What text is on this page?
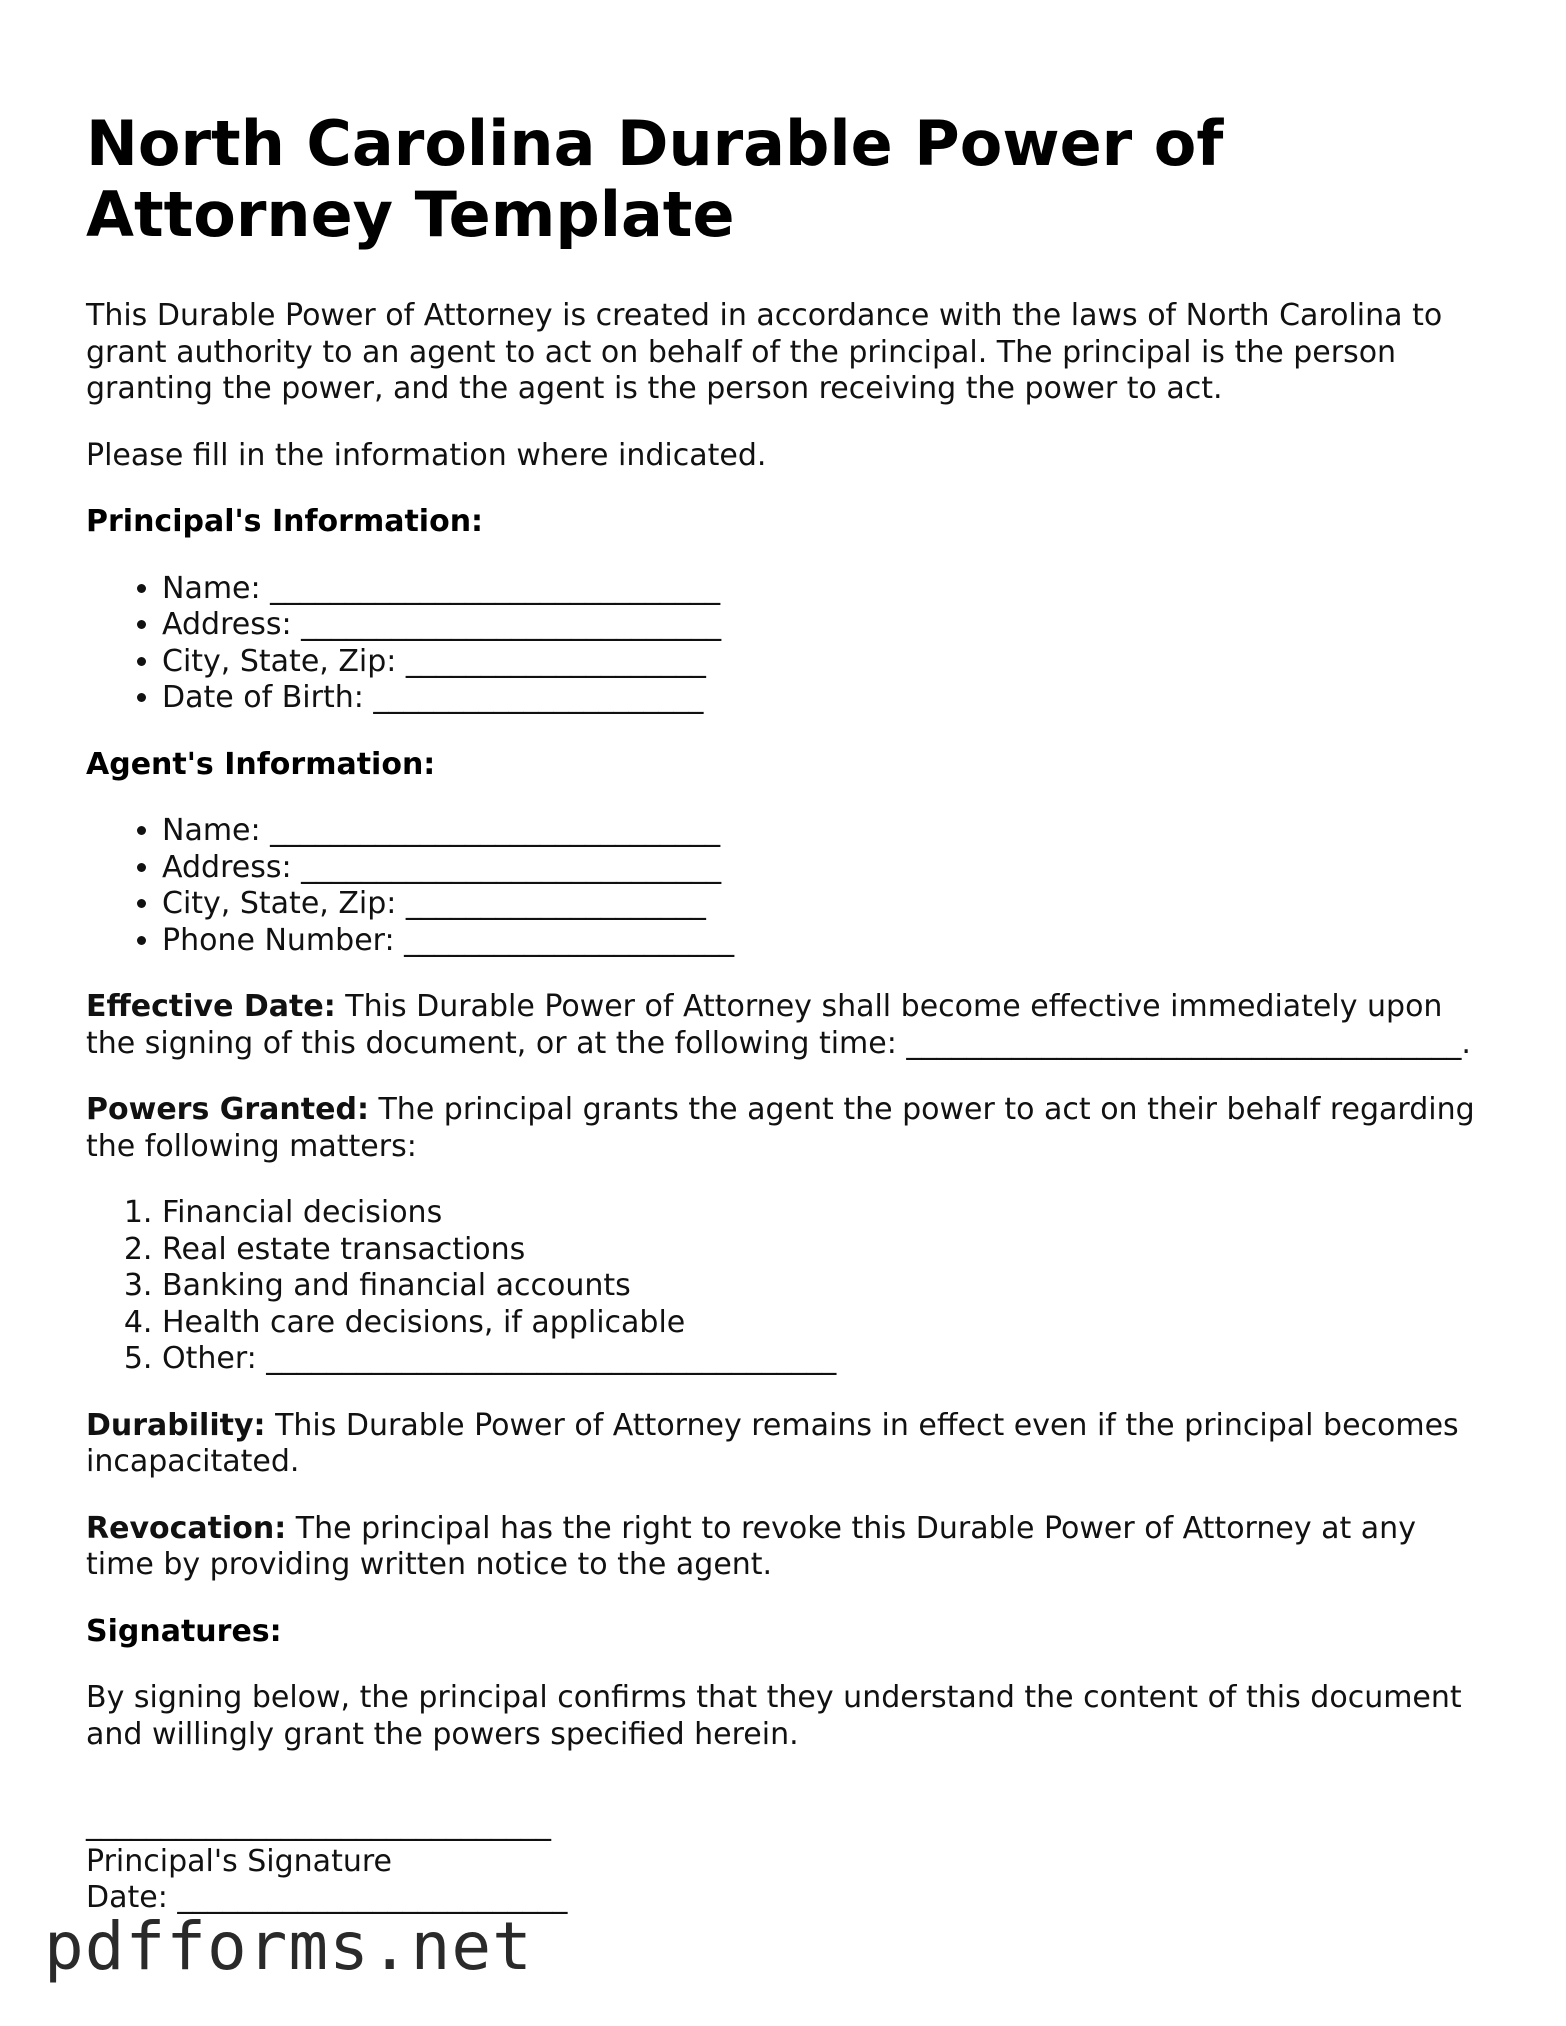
North Carolina Durable Power of Attorney Template

This Durable Power of Attorney is created in accordance with the laws of North Carolina to grant authority to an agent to act on behalf of the principal. The principal is the person granting the power, and the agent is the person receiving the power to act.

Please fill in the information where indicated.

Principal's Information:

• Name: ______________________________
• Address: ____________________________
• City, State, Zip: ____________________
• Date of Birth: ______________________

Agent's Information:

• Name: ______________________________
• Address: ____________________________
• City, State, Zip: ____________________
• Phone Number: ______________________

Effective Date: This Durable Power of Attorney shall become effective immediately upon the signing of this document, or at the following time: _____________________________________.

Powers Granted: The principal grants the agent the power to act on their behalf regarding the following matters:

1. Financial decisions
2. Real estate transactions
3. Banking and financial accounts
4. Health care decisions, if applicable
5. Other: ______________________________________

Durability: This Durable Power of Attorney remains in effect even if the principal becomes incapacitated.

Revocation: The principal has the right to revoke this Durable Power of Attorney at any time by providing written notice to the agent.

Signatures:

By signing below, the principal confirms that they understand the content of this document and willingly grant the powers specified herein.

_______________________________
Principal's Signature
Date: __________________________
pdfforms.net
